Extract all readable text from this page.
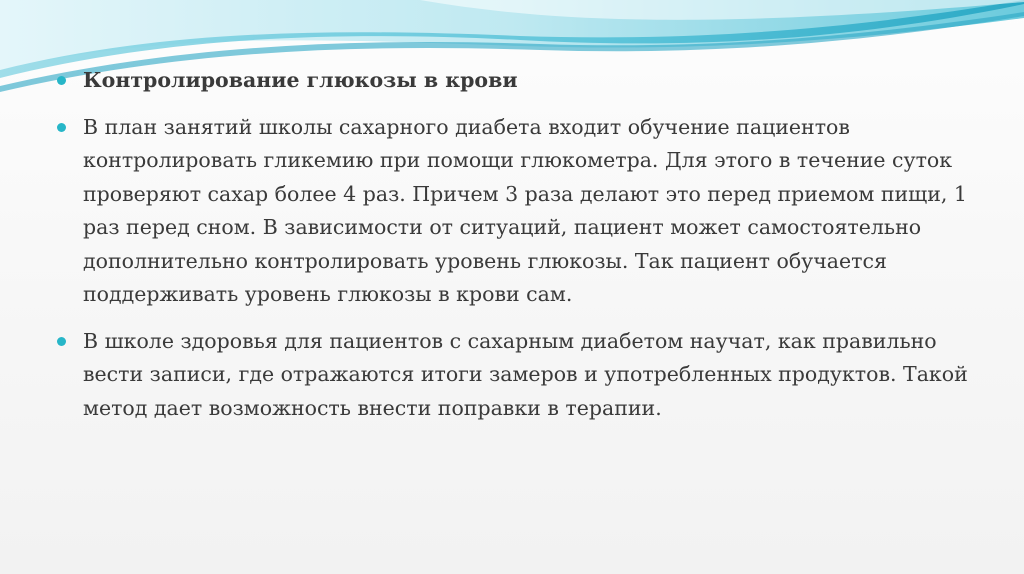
Контролирование глюкозы в крови
В план занятий школы сахарного диабета входит обучение пациентов контролировать гликемию при помощи глюкометра. Для этого в течение суток проверяют сахар более 4 раз. Причем 3 раза делают это перед приемом пищи, 1 раз перед сном. В зависимости от ситуаций, пациент может самостоятельно дополнительно контролировать уровень глюкозы. Так пациент обучается поддерживать уровень глюкозы в крови сам.
В школе здоровья для пациентов с сахарным диабетом научат, как правильно вести записи, где отражаются итоги замеров и употребленных продуктов. Такой метод дает возможность внести поправки в терапии.
